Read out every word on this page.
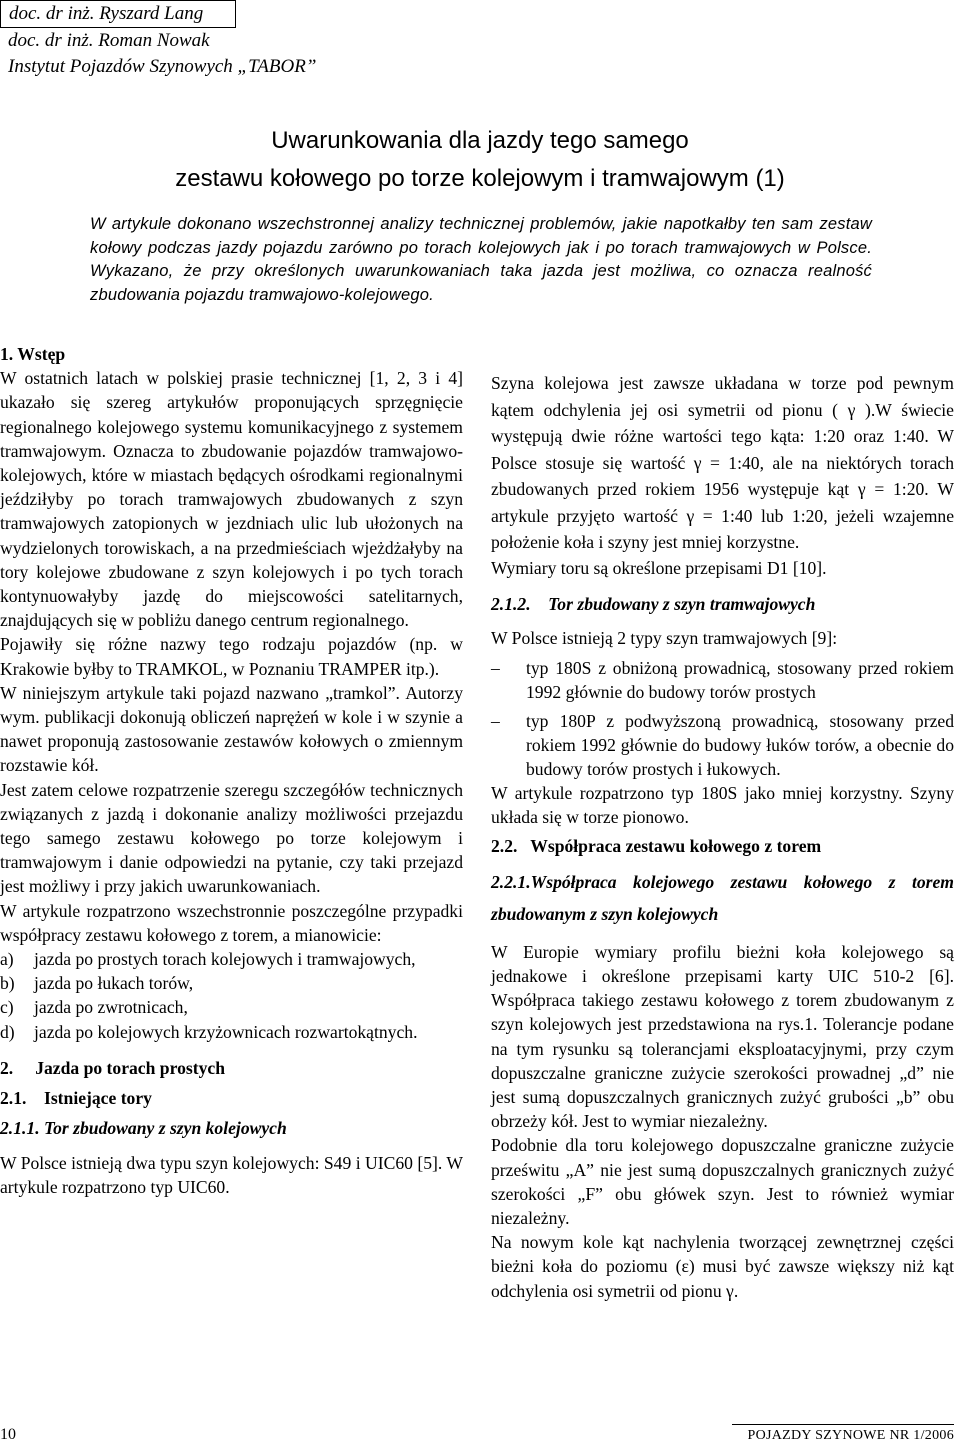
doc. dr inż. Ryszard Lang
doc. dr inż. Roman Nowak
Instytut Pojazdów Szynowych „TABOR”
Uwarunkowania dla jazdy tego samego
zestawu kołowego po torze kolejowym i tramwajowym (1)
W artykule dokonano wszechstronnej analizy technicznej problemów, jakie napotkałby ten sam zestaw kołowy podczas jazdy pojazdu zarówno po torach kolejowych jak i po torach tramwajowych w Polsce. Wykazano, że przy określonych uwarunkowaniach taka jazda jest możliwa, co oznacza realność zbudowania pojazdu tramwajowo-kolejowego.

1. Wstęp

W ostatnich latach w polskiej prasie technicznej [1, 2, 3 i 4] ukazało się szereg artykułów proponujących sprzęgnięcie regionalnego kolejowego systemu komunikacyjnego z systemem tramwajowym. Oznacza to zbudowanie pojazdów tramwajowo-kolejowych, które w miastach będących ośrodkami regionalnymi jeździłyby po torach tramwajowych zbudowanych z szyn tramwajowych zatopionych w jezdniach ulic lub ułożonych na wydzielonych torowiskach, a na przedmieściach wjeżdżałyby na tory kolejowe zbudowane z szyn kolejowych i po tych torach kontynuowałyby jazdę do miejscowości satelitarnych, znajdujących się w pobliżu danego centrum regionalnego.

Pojawiły się różne nazwy tego rodzaju pojazdów (np. w Krakowie byłby to TRAMKOL, w Poznaniu TRAMPER itp.).

W niniejszym artykule taki pojazd nazwano „tramkol”. Autorzy wym. publikacji dokonują obliczeń naprężeń w kole i w szynie a nawet proponują zastosowanie zestawów kołowych o zmiennym rozstawie kół.

Jest zatem celowe rozpatrzenie szeregu szczegółów technicznych związanych z jazdą i dokonanie analizy możliwości przejazdu tego samego zestawu kołowego po torze kolejowym i tramwajowym i danie odpowiedzi na pytanie, czy taki przejazd jest możliwy i przy jakich uwarunkowaniach.

W artykule rozpatrzono wszechstronnie poszczególne przypadki współpracy zestawu kołowego z torem, a mianowicie:

a)	jazda po prostych torach kolejowych i tramwajowych,
b)	jazda po łukach torów,
c)	jazda po zwrotnicach,
d)	jazda po kolejowych krzyżownicach rozwartokątnych.

2.     Jazda po torach prostych

2.1.    Istniejące tory

2.1.1. Tor zbudowany z szyn kolejowych

W Polsce istnieją dwa typu szyn kolejowych: S49 i UIC60 [5]. W artykule rozpatrzono typ UIC60.

Szyna kolejowa jest zawsze układana w torze pod pewnym kątem odchylenia jej osi symetrii od pionu ( γ ).W świecie występują dwie różne wartości tego kąta: 1:20 oraz 1:40. W Polsce stosuje się wartość γ = 1:40, ale na niektórych torach zbudowanych przed rokiem 1956 występuje kąt γ = 1:20. W artykule przyjęto wartość γ = 1:40 lub 1:20, jeżeli wzajemne położenie koła i szyny jest mniej korzystne.

Wymiary toru są określone przepisami D1 [10].

2.1.2.    Tor zbudowany z szyn tramwajowych

W Polsce istnieją 2 typy szyn tramwajowych [9]:

–	typ 180S z obniżoną prowadnicą, stosowany przed rokiem 1992 głównie do budowy torów prostych
–	typ 180P z podwyższoną prowadnicą, stosowany przed rokiem 1992 głównie do budowy łuków torów, a obecnie do budowy torów prostych i łukowych.

W artykule rozpatrzono typ 180S jako mniej korzystny. Szyny układa się w torze pionowo.

2.2.   Współpraca zestawu kołowego z torem

2.2.1.Współpraca kolejowego zestawu kołowego z torem zbudowanym z szyn kolejowych

W Europie wymiary profilu bieżni koła kolejowego są jednakowe i określone przepisami karty UIC 510-2 [6]. Współpraca takiego zestawu kołowego z torem zbudowanym z szyn kolejowych jest przedstawiona na rys.1. Tolerancje podane na tym rysunku są tolerancjami eksploatacyjnymi, przy czym dopuszczalne graniczne zużycie szerokości prowadnej „d” nie jest sumą dopuszczalnych granicznych zużyć grubości „b” obu obrzeży kół. Jest to wymiar niezależny.

Podobnie dla toru kolejowego dopuszczalne graniczne zużycie prześwitu „A” nie jest sumą dopuszczalnych granicznych zużyć szerokości „F” obu główek szyn. Jest to również wymiar niezależny.

Na nowym kole kąt nachylenia tworzącej zewnętrznej części bieżni koła do poziomu (ε) musi być zawsze większy niż kąt odchylenia osi symetrii od pionu γ.

10	POJAZDY SZYNOWE NR 1/2006
